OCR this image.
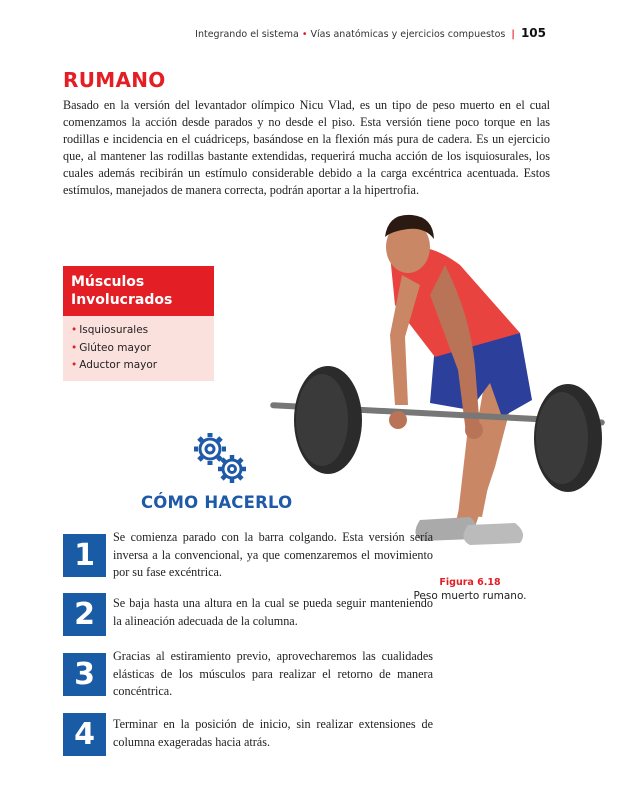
Integrando el sistema • Vías anatómicas y ejercicios compuestos | 105
RUMANO

Basado en la versión del levantador olímpico Nicu Vlad, es un tipo de peso muerto en el cual comenzamos la acción desde parados y no desde el piso. Esta versión tiene poco torque en las rodillas e incidencia en el cuádriceps, basándose en la flexión más pura de cadera. Es un ejercicio que, al mantener las rodillas bastante extendidas, requerirá mucha acción de los isquiosurales, los cuales además recibirán un estímulo considerable debido a la carga excéntrica acentuada. Estos estímulos, manejados de manera correcta, podrán aportar a la hipertrofia.

Músculos Involucrados
• Isquiosurales
• Glúteo mayor
• Aductor mayor
CÓMO HACERLO
1
Se comienza parado con la barra colgando. Esta versión sería inversa a la convencional, ya que comenzaremos el movimiento por su fase excéntrica.
2	Se baja hasta una altura en la cual se pueda seguir manteniendo la alineación adecuada de la columna.
3
Gracias al estiramiento previo, aprovecharemos las cualidades elásticas de los músculos para realizar el retorno de manera concéntrica.
4	Terminar en la posición de inicio, sin realizar extensiones de columna exageradas hacia atrás.
Figura 6.18
Peso muerto rumano.
